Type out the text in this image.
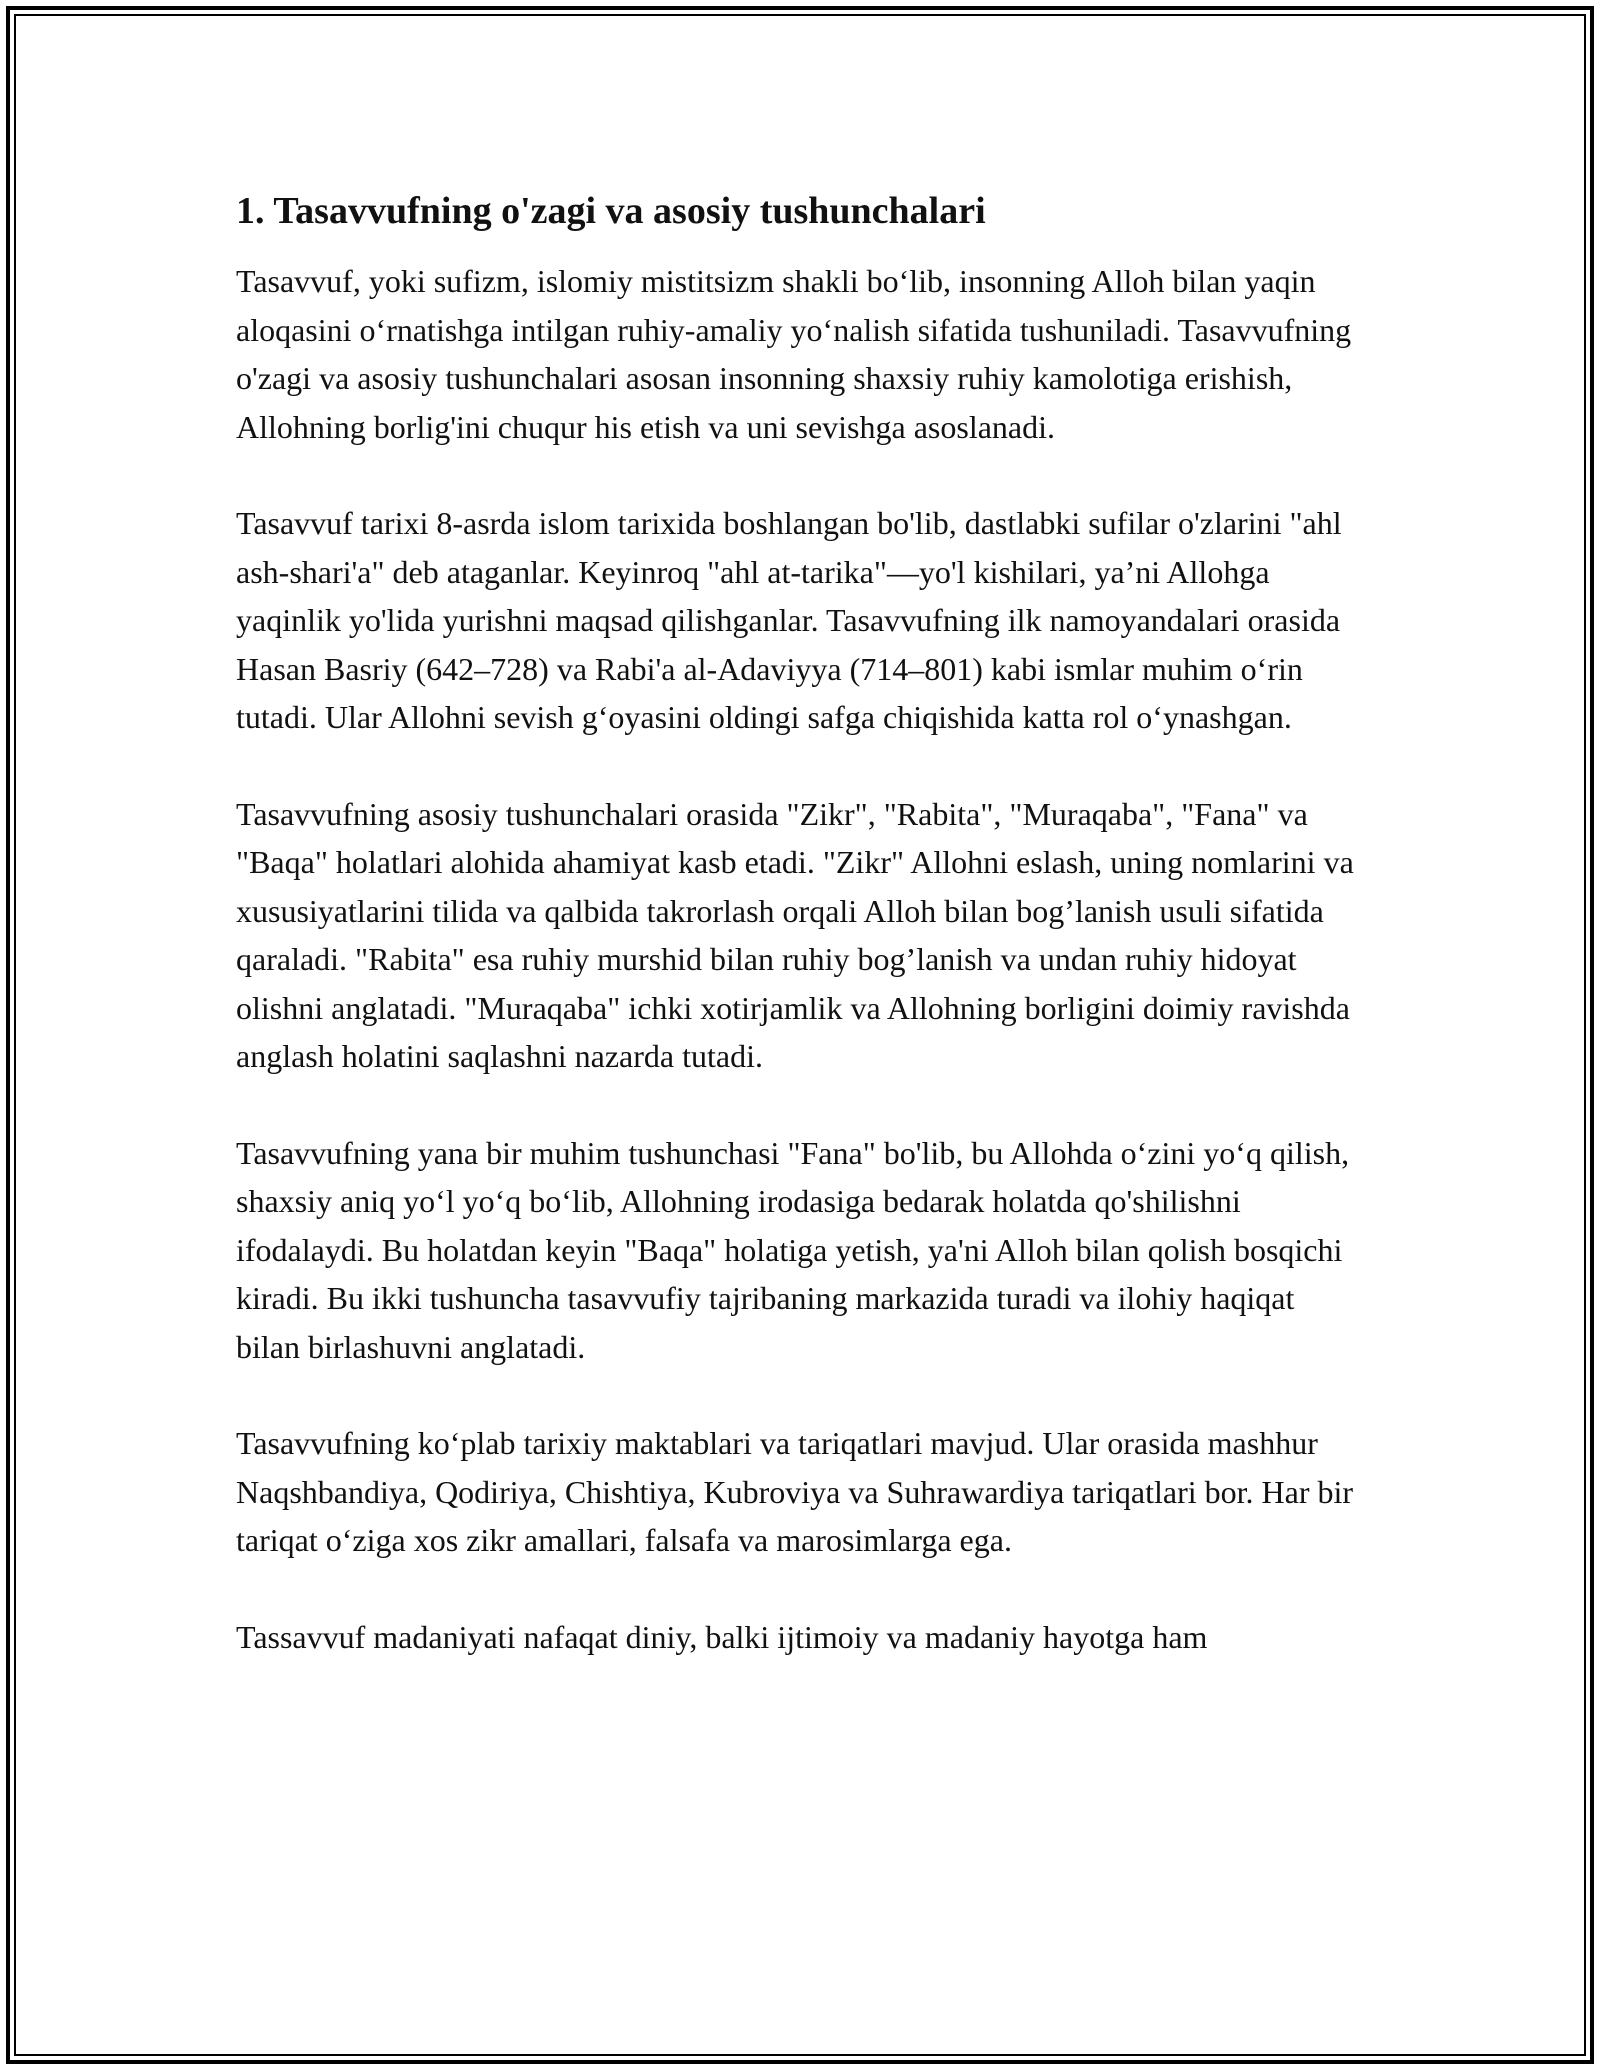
1. Tasavvufning o'zagi va asosiy tushunchalari

Tasavvuf, yoki sufizm, islomiy mistitsizm shakli bo‘lib, insonning Alloh bilan yaqin aloqasini o‘rnatishga intilgan ruhiy-amaliy yo‘nalish sifatida tushuniladi. Tasavvufning o'zagi va asosiy tushunchalari asosan insonning shaxsiy ruhiy kamolotiga erishish, Allohning borlig'ini chuqur his etish va uni sevishga asoslanadi.

Tasavvuf tarixi 8-asrda islom tarixida boshlangan bo'lib, dastlabki sufilar o'zlarini "ahl ash-shari'a" deb ataganlar. Keyinroq "ahl at-tarika"—yo'l kishilari, ya’ni Allohga yaqinlik yo'lida yurishni maqsad qilishganlar. Tasavvufning ilk namoyandalari orasida Hasan Basriy (642–728) va Rabi'a al-Adaviyya (714–801) kabi ismlar muhim o‘rin tutadi. Ular Allohni sevish g‘oyasini oldingi safga chiqishida katta rol o‘ynashgan.

Tasavvufning asosiy tushunchalari orasida "Zikr", "Rabita", "Muraqaba", "Fana" va "Baqa" holatlari alohida ahamiyat kasb etadi. "Zikr" Allohni eslash, uning nomlarini va xususiyatlarini tilida va qalbida takrorlash orqali Alloh bilan bog’lanish usuli sifatida qaraladi. "Rabita" esa ruhiy murshid bilan ruhiy bog’lanish va undan ruhiy hidoyat olishni anglatadi. "Muraqaba" ichki xotirjamlik va Allohning borligini doimiy ravishda anglash holatini saqlashni nazarda tutadi.

Tasavvufning yana bir muhim tushunchasi "Fana" bo'lib, bu Allohda o‘zini yo‘q qilish, shaxsiy aniq yo‘l yo‘q bo‘lib, Allohning irodasiga bedarak holatda qo'shilishni ifodalaydi. Bu holatdan keyin "Baqa" holatiga yetish, ya'ni Alloh bilan qolish bosqichi kiradi. Bu ikki tushuncha tasavvufiy tajribaning markazida turadi va ilohiy haqiqat bilan birlashuvni anglatadi.

Tasavvufning ko‘plab tarixiy maktablari va tariqatlari mavjud. Ular orasida mashhur Naqshbandiya, Qodiriya, Chishtiya, Kubroviya va Suhrawardiya tariqatlari bor. Har bir tariqat o‘ziga xos zikr amallari, falsafa va marosimlarga ega.

Tassavvuf madaniyati nafaqat diniy, balki ijtimoiy va madaniy hayotga ham
